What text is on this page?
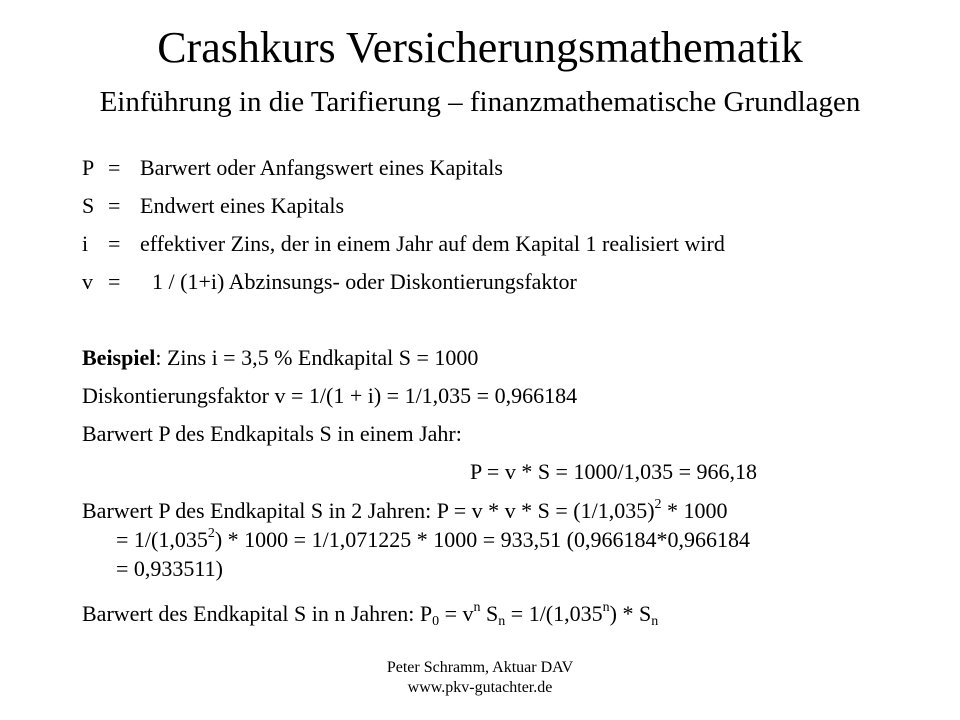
Crashkurs Versicherungsmathematik
Einführung in die Tarifierung – finanzmathematische Grundlagen
P = Barwert oder Anfangswert eines Kapitals
S = Endwert eines Kapitals
i = effektiver Zins, der in einem Jahr auf dem Kapital 1 realisiert wird
v = 1 / (1+i) Abzinsungs- oder Diskontierungsfaktor
Beispiel: Zins i = 3,5 % Endkapital S = 1000
Diskontierungsfaktor v = 1/(1 + i) = 1/1,035 = 0,966184
Barwert P des Endkapitals S in einem Jahr:
P = v * S = 1000/1,035 = 966,18
Barwert P des Endkapital S in 2 Jahren: $P = v * v * S = (1/1,035)^2 * 1000$
= $1/(1,035^2) * 1000 = 1/1,071225 * 1000 = 933,51$ (0,966184*0,966184
= 0,933511)
Barwert des Endkapital S in n Jahren: $P_0 = v^n$ $S_n = 1/(1,035^n) * S_n$
Peter Schramm, Aktuar DAV
www.pkv-gutachter.de
